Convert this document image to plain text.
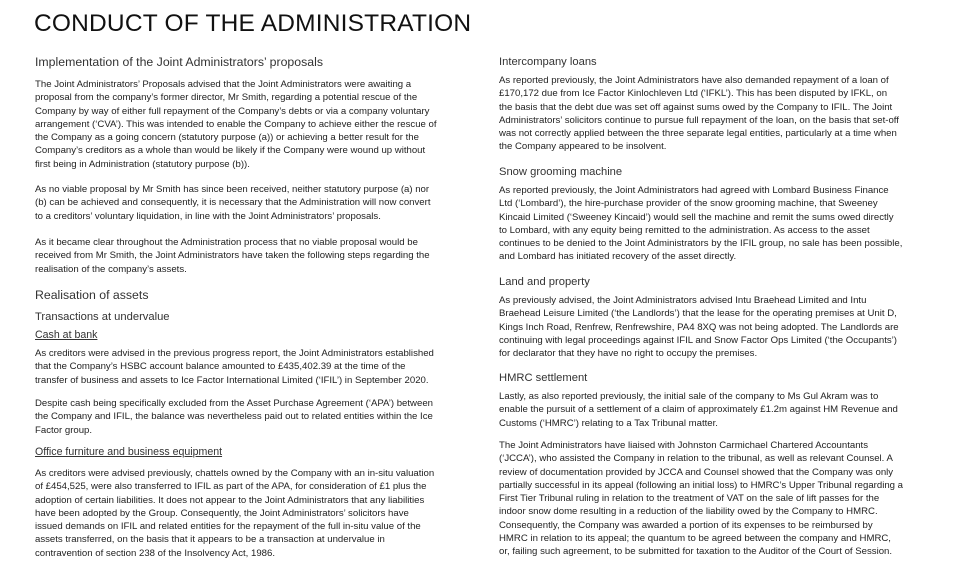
CONDUCT OF THE ADMINISTRATION
Implementation of the Joint Administrators’ proposals
The Joint Administrators’ Proposals advised that the Joint Administrators were awaiting a
proposal from the company’s former director, Mr Smith, regarding a potential rescue of the
Company by way of either full repayment of the Company’s debts or via a company voluntary
arrangement (‘CVA’). This was intended to enable the Company to achieve either the rescue of
the Company as a going concern (statutory purpose (a)) or achieving a better result for the
Company’s creditors as a whole than would be likely if the Company were wound up without
first being in Administration (statutory purpose (b)).
As no viable proposal by Mr Smith has since been received, neither statutory purpose (a) nor
(b) can be achieved and consequently, it is necessary that the Administration will now convert
to a creditors’ voluntary liquidation, in line with the Joint Administrators’ proposals.
As it became clear throughout the Administration process that no viable proposal would be
received from Mr Smith, the Joint Administrators have taken the following steps regarding the
realisation of the company’s assets.
Realisation of assets
Transactions at undervalue
Cash at bank
As creditors were advised in the previous progress report, the Joint Administrators established
that the Company’s HSBC account balance amounted to £435,402.39 at the time of the
transfer of business and assets to Ice Factor International Limited (‘IFIL’) in September 2020.
Despite cash being specifically excluded from the Asset Purchase Agreement (‘APA’) between
the Company and IFIL, the balance was nevertheless paid out to related entities within the Ice
Factor group.
Office furniture and business equipment
As creditors were advised previously, chattels owned by the Company with an in-situ valuation
of £454,525, were also transferred to IFIL as part of the APA, for consideration of £1 plus the
adoption of certain liabilities. It does not appear to the Joint Administrators that any liabilities
have been adopted by the Group. Consequently, the Joint Administrators’ solicitors have
issued demands on IFIL and related entities for the repayment of the full in-situ value of the
assets transferred, on the basis that it appears to be a transaction at undervalue in
contravention of section 238 of the Insolvency Act, 1986.
Intercompany loans
As reported previously, the Joint Administrators have also demanded repayment of a loan of
£170,172 due from Ice Factor Kinlochleven Ltd (‘IFKL’). This has been disputed by IFKL, on
the basis that the debt due was set off against sums owed by the Company to IFIL. The Joint
Administrators’ solicitors continue to pursue full repayment of the loan, on the basis that set-off
was not correctly applied between the three separate legal entities, particularly at a time when
the Company appeared to be insolvent.
Snow grooming machine
As reported previously, the Joint Administrators had agreed with Lombard Business Finance
Ltd (‘Lombard’), the hire-purchase provider of the snow grooming machine, that Sweeney
Kincaid Limited (‘Sweeney Kincaid’) would sell the machine and remit the sums owed directly
to Lombard, with any equity being remitted to the administration. As access to the asset
continues to be denied to the Joint Administrators by the IFIL group, no sale has been possible,
and Lombard has initiated recovery of the asset directly.
Land and property
As previously advised, the Joint Administrators advised Intu Braehead Limited and Intu
Braehead Leisure Limited (‘the Landlords’) that the lease for the operating premises at Unit D,
Kings Inch Road, Renfrew, Renfrewshire, PA4 8XQ was not being adopted. The Landlords are
continuing with legal proceedings against IFIL and Snow Factor Ops Limited (‘the Occupants’)
for declarator that they have no right to occupy the premises.
HMRC settlement
Lastly, as also reported previously, the initial sale of the company to Ms Gul Akram was to
enable the pursuit of a settlement of a claim of approximately £1.2m against HM Revenue and
Customs (‘HMRC’) relating to a Tax Tribunal matter.
The Joint Administrators have liaised with Johnston Carmichael Chartered Accountants
(‘JCCA’), who assisted the Company in relation to the tribunal, as well as relevant Counsel. A
review of documentation provided by JCCA and Counsel showed that the Company was only
partially successful in its appeal (following an initial loss) to HMRC’s Upper Tribunal regarding a
First Tier Tribunal ruling in relation to the treatment of VAT on the sale of lift passes for the
indoor snow dome resulting in a reduction of the liability owed by the Company to HMRC.
Consequently, the Company was awarded a portion of its expenses to be reimbursed by
HMRC in relation to its appeal; the quantum to be agreed between the company and HMRC,
or, failing such agreement, to be submitted for taxation to the Auditor of the Court of Session.
